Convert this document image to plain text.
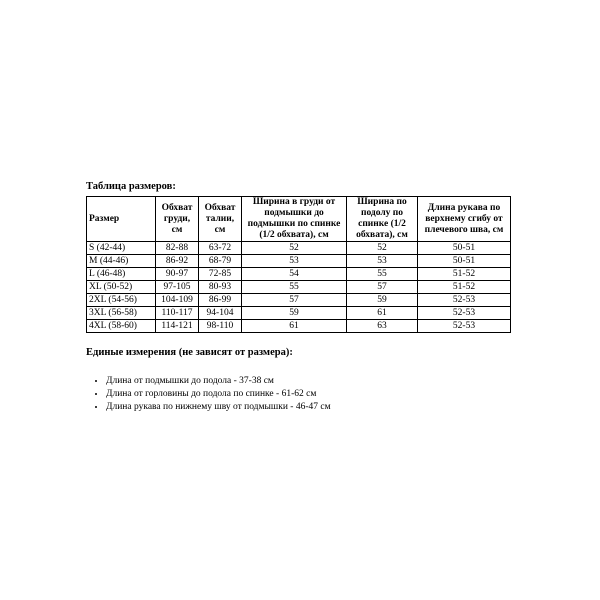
Таблица размеров:

Размер	Обхват груди, см	Обхват талии, см	Ширина в груди от подмышки до подмышки по спинке (1/2 обхвата), см	Ширина по подолу по спинке (1/2 обхвата), см	Длина рукава по верхнему сгибу от плечевого шва, см
S (42-44)	82-88	63-72	52	52	50-51
M (44-46)	86-92	68-79	53	53	50-51
L (46-48)	90-97	72-85	54	55	51-52
XL (50-52)	97-105	80-93	55	57	51-52
2XL (54-56)	104-109	86-99	57	59	52-53
3XL (56-58)	110-117	94-104	59	61	52-53
4XL (58-60)	114-121	98-110	61	63	52-53

Единые измерения (не зависят от размера):

• Длина от подмышки до подола - 37-38 см
• Длина от горловины до подола по спинке - 61-62 см
• Длина рукава по нижнему шву от подмышки - 46-47 см
